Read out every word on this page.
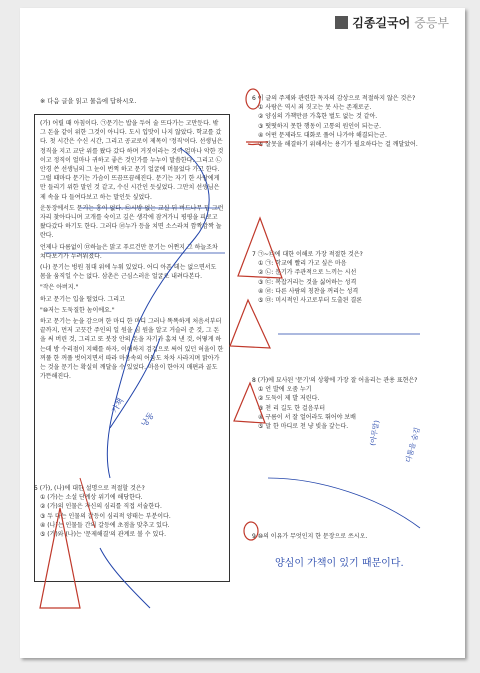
김종길국어 중등부
※ 다음 글을 읽고 물음에 답하시오.

(가) 어릴 때 아침이다. ㉠문기는 밥을 두어 술 뜨다가는 고만둔다. 밖 그 돈을 같이 위한 그것이 아니다. 도시 입맛이 나지 않았다. 학교를 갔다. 첫 시간은 수신 시간, 그리고 공교로이 제목이 '정직'이다. 선생님은 정직을 지고 교단 위를 왔다 갔다 하며 거짓이라는 것이 얼마나 악한 것이고 정직이 얼마나 귀하고 좋은 것인가를 누누이 말씀한다. 그리고 ㉡안경 쓴 선생님의 그 눈이 번쩍 하고 문기 얼굴에 머물었다 가고 한다. 그럴 때마다 문기는 가슴이 뜨끔뜨끔해진다. 문기는 자기 한 사람에게만 들리기 위한 말인 것 같고, 수신 시간인 듯싶었다. 그만치 선생님은 제 속을 다 들여다보고 하는 말인듯 싶었다.

운동장에서도 문기는 흥이 없다. ㉢시방 없는 교실 뒤 버드나무 밑 그런 자리 찾아다니며 고개를 숙이고 깊은 생각에 잠겨가니 평평을 피로고 왔다갔다 하기도 한다. 그러다 ㉣누가 등을 치면 소스라쳐 깜짝깜짝 놀란다.

언제나 다름없이 ㉤하늘은 맑고 푸르건만 문기는 어쩐지 그 하늘조차 쳐다보기가 두려워졌다.

(나) 문기는 벙원 침대 위에 누워 있었다. 어디 아픈 데는 없으면서도 몸을 움직일 수는 없다. 삼촌은 근심스러운 얼굴로 내려다본다.

"작은 아버지."

하고 문기는 입을 떨었다. 그리고

"⑩저는 도둑질한 놈이에요."

하고 문기는 눈을 감으며 한 마디 한 마디 그러나 똑똑하게 처음서부터 끝까지, 먼저 고끗간 주인의 일 원을 심 원을 알고 거슬러 준 것, 그 돈을 써 버린 것, 그리고 또 붓장 안의 돈을 자기가 훔쳐 낸 것, 어떻게 하는데 방 수리점이 지혜를 하자, 이해하지 검겁으로 써어 있던 허울이 한 꺼풀 한 꺼풀 벗어지면서 따라 마음속의 어둠도 차차 사라지며 맑아가는 것을 문기는 확실히 깨달을 수 있었다. 마음이 한아지 매편과 골도 가뜬해진다.

5 (가), (나)에 대한 설명으로 적절할 것은?

① (가)는 소설 단계상 위기에 해당한다.

② (가)의 인물은 자신의 심리를 직접 서술한다.

③ 두 다는 인물의 갈등이 심리적 양태는 부분이다.

④ (나)는 인물들 간의 갈등에 초점을 맞추고 있다.

⑤ (가)와 (나)는 '문제해결'의 관계로 볼 수 있다.

6 이 글의 주제와 관련한 독자의 감상으로 적절하지 않은 것은?

① 사람은 역시 죄 짓고는 못 사는 존재로군.

② 양심의 가책만큼 가혹한 벌도 없는 것 같아.

③ 떳떳하지 못한 행동이 고통의 원인이 되는군.

④ 어떤 문제라도 대화로 풀어 나가야 해결되는군.

⑤ 잘못을 해결하기 위해서는 용기가 필요하다는 걸 깨달았어.

7 ㉠~㉤에 대한 이해로 가장 적절한 것은?

① ㉠: 학교에 빨리 가고 싶은 마음

② ㉡: 문기가 주관적으로 느끼는 시선

③ ㉢: 복잡거리는 것을 싫어하는 성격

④ ㉣: 다른 사람의 칭찬을 꺼리는 성격

⑤ ㉤: 미시적인 사고로부터 도출된 결론

8 (가)에 묘사된 '문기'의 상황에 가장 잘 어울리는 관용 표현은?

① 언 발에 오줌 누기

② 도둑이 제 발 저린다.

③ 천 리 길도 한 걸음부터

④ 구름이 서 잘 얼어라도 뛰어야 보배

⑤ 말 한 마디로 천 냥 빚을 갚는다.

9 ⑩의 이유가 무엇인지 한 문장으로 쓰시오.

양심이 가책이 있기 때문이다.
다툼을 숨김
(아무말)
가책
낭동
